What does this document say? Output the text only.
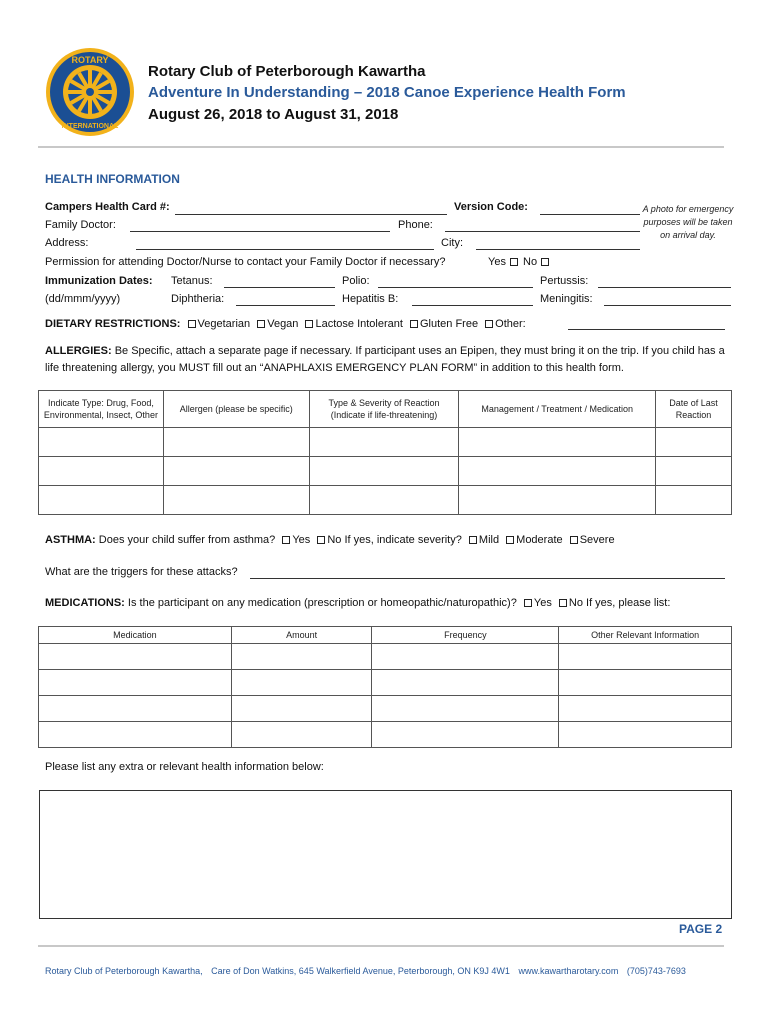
ROTARY
INTERNATIONAL
Rotary Club of Peterborough Kawartha
Adventure In Understanding – 2018 Canoe Experience Health Form
August 26, 2018 to August 31, 2018
HEALTH INFORMATION
Campers Health Card #:	Version Code:
Family Doctor:	Phone:
Address:	City:
Permission for attending Doctor/Nurse to contact your Family Doctor if necessary?	Yes No
A photo for emergency purposes will be taken on arrival day.
Immunization Dates: Tetanus:	Polio:	Pertussis:
(dd/mmm/yyyy)	Diphtheria:	Hepatitis B:	Meningitis:
DIETARY RESTRICTIONS: Vegetarian Vegan Lactose Intolerant Gluten Free Other:
ALLERGIES: Be Specific, attach a separate page if necessary. If participant uses an Epipen, they must bring it on the trip. If you child has a life threatening allergy, you MUST fill out an “ANAPHLAXIS EMERGENCY PLAN FORM” in addition to this health form.
Indicate Type: Drug, Food, Environmental, Insect, Other	Allergen (please be specific)	Type & Severity of Reaction (Indicate if life-threatening)	Management / Treatment / Medication	Date of Last Reaction

ASTHMA: Does your child suffer from asthma? Yes No If yes, indicate severity? Mild Moderate Severe
What are the triggers for these attacks?
MEDICATIONS: Is the participant on any medication (prescription or homeopathic/naturopathic)? Yes No If yes, please list:
Medication	Amount	Frequency	Other Relevant Information

Please list any extra or relevant health information below:
PAGE 2
Rotary Club of Peterborough Kawartha, Care of Don Watkins, 645 Walkerfield Avenue, Peterborough, ON K9J 4W1 www.kawartharotary.com (705)743-7693
